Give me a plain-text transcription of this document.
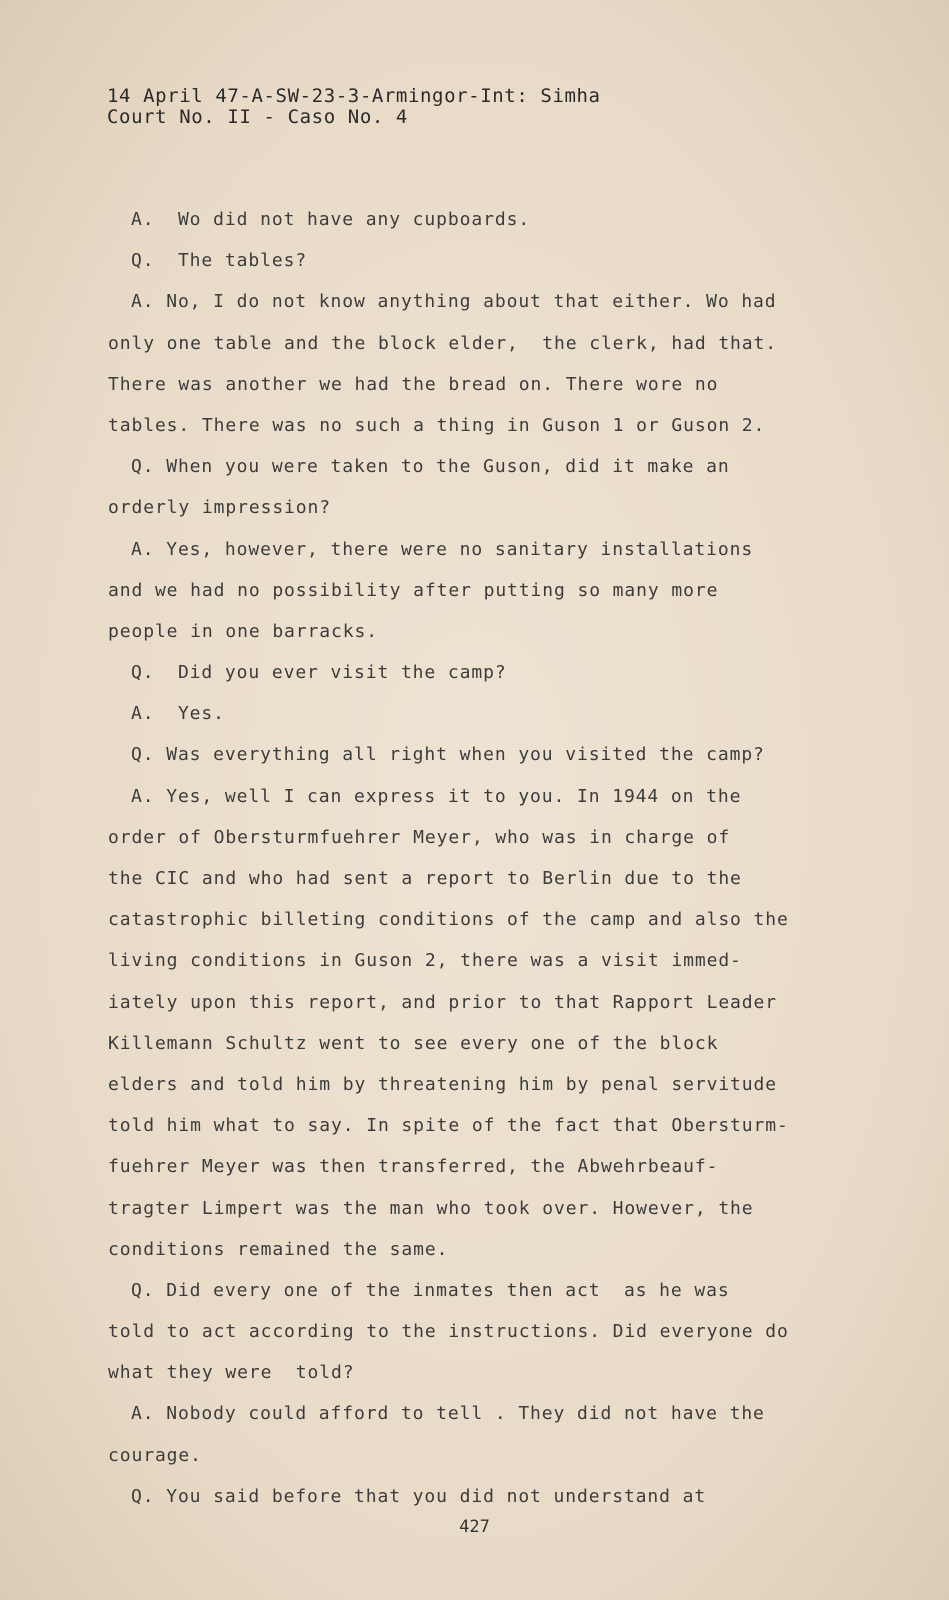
14 April 47-A-SW-23-3-Armingor-Int: Simha
Court No. II - Caso No. 4
A.  Wo did not have any cupboards.
Q.  The tables?
A. No, I do not know anything about that either. Wo had
only one table and the block elder,  the clerk, had that.
There was another we had the bread on. There wore no
tables. There was no such a thing in Guson 1 or Guson 2.
Q. When you were taken to the Guson, did it make an
orderly impression?
A. Yes, however, there were no sanitary installations
and we had no possibility after putting so many more
people in one barracks.
Q.  Did you ever visit the camp?
A.  Yes.
Q. Was everything all right when you visited the camp?
A. Yes, well I can express it to you. In 1944 on the
order of Obersturmfuehrer Meyer, who was in charge of
the CIC and who had sent a report to Berlin due to the
catastrophic billeting conditions of the camp and also the
living conditions in Guson 2, there was a visit immed-
iately upon this report, and prior to that Rapport Leader
Killemann Schultz went to see every one of the block
elders and told him by threatening him by penal servitude
told him what to say. In spite of the fact that Obersturm-
fuehrer Meyer was then transferred, the Abwehrbeauf-
tragter Limpert was the man who took over. However, the
conditions remained the same.
Q. Did every one of the inmates then act  as he was
told to act according to the instructions. Did everyone do
what they were  told?
A. Nobody could afford to tell . They did not have the
courage.
Q. You said before that you did not understand at
427
